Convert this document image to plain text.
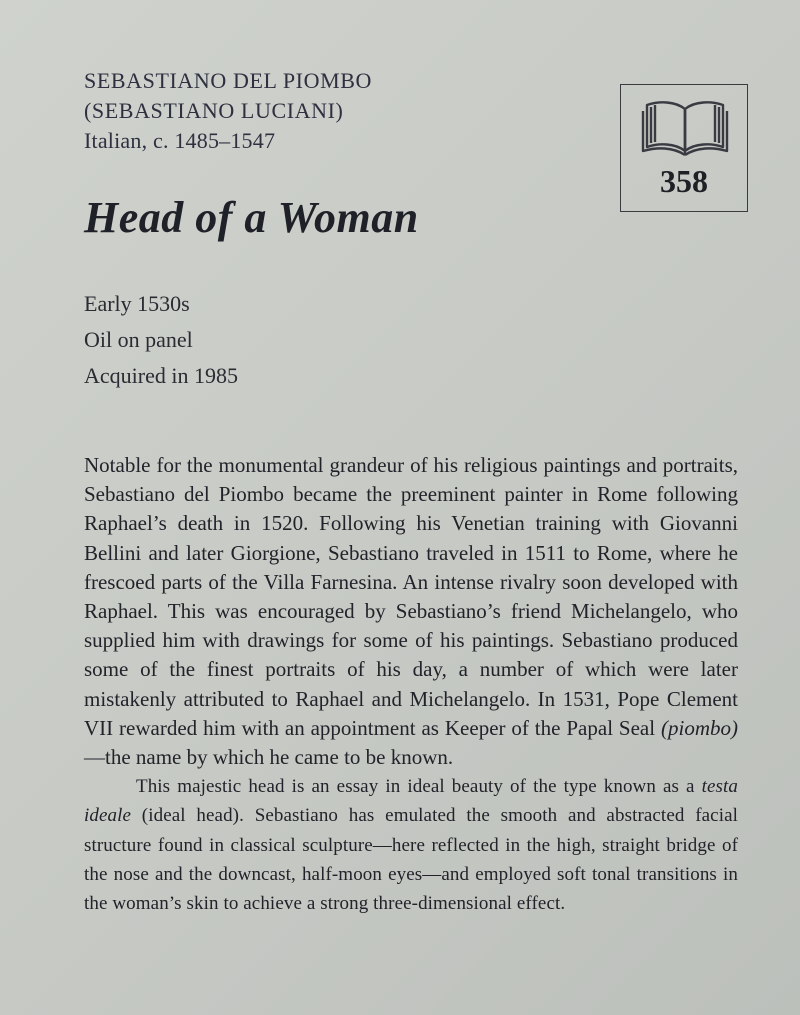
SEBASTIANO DEL PIOMBO
(SEBASTIANO LUCIANI)
Italian, c. 1485–1547
358
Head of a Woman
Early 1530s
Oil on panel
Acquired in 1985

Notable for the monumental grandeur of his religious paintings and portraits, Sebastiano del Piombo became the preeminent painter in Rome following Raphael’s death in 1520. Following his Venetian training with Giovanni Bellini and later Giorgione, Sebastiano traveled in 1511 to Rome, where he frescoed parts of the Villa Farnesina. An intense rivalry soon developed with Raphael. This was encouraged by Sebastiano’s friend Michelangelo, who supplied him with drawings for some of his paintings. Sebastiano produced some of the finest portraits of his day, a number of which were later mistakenly attributed to Raphael and Michelangelo. In 1531, Pope Clement VII rewarded him with an appointment as Keeper of the Papal Seal (piombo)—the name by which he came to be known.

This majestic head is an essay in ideal beauty of the type known as a testa ideale (ideal head). Sebastiano has emulated the smooth and abstracted facial structure found in classical sculpture—here reflected in the high, straight bridge of the nose and the downcast, half-moon eyes—and employed soft tonal transitions in the woman’s skin to achieve a strong three-dimensional effect.
